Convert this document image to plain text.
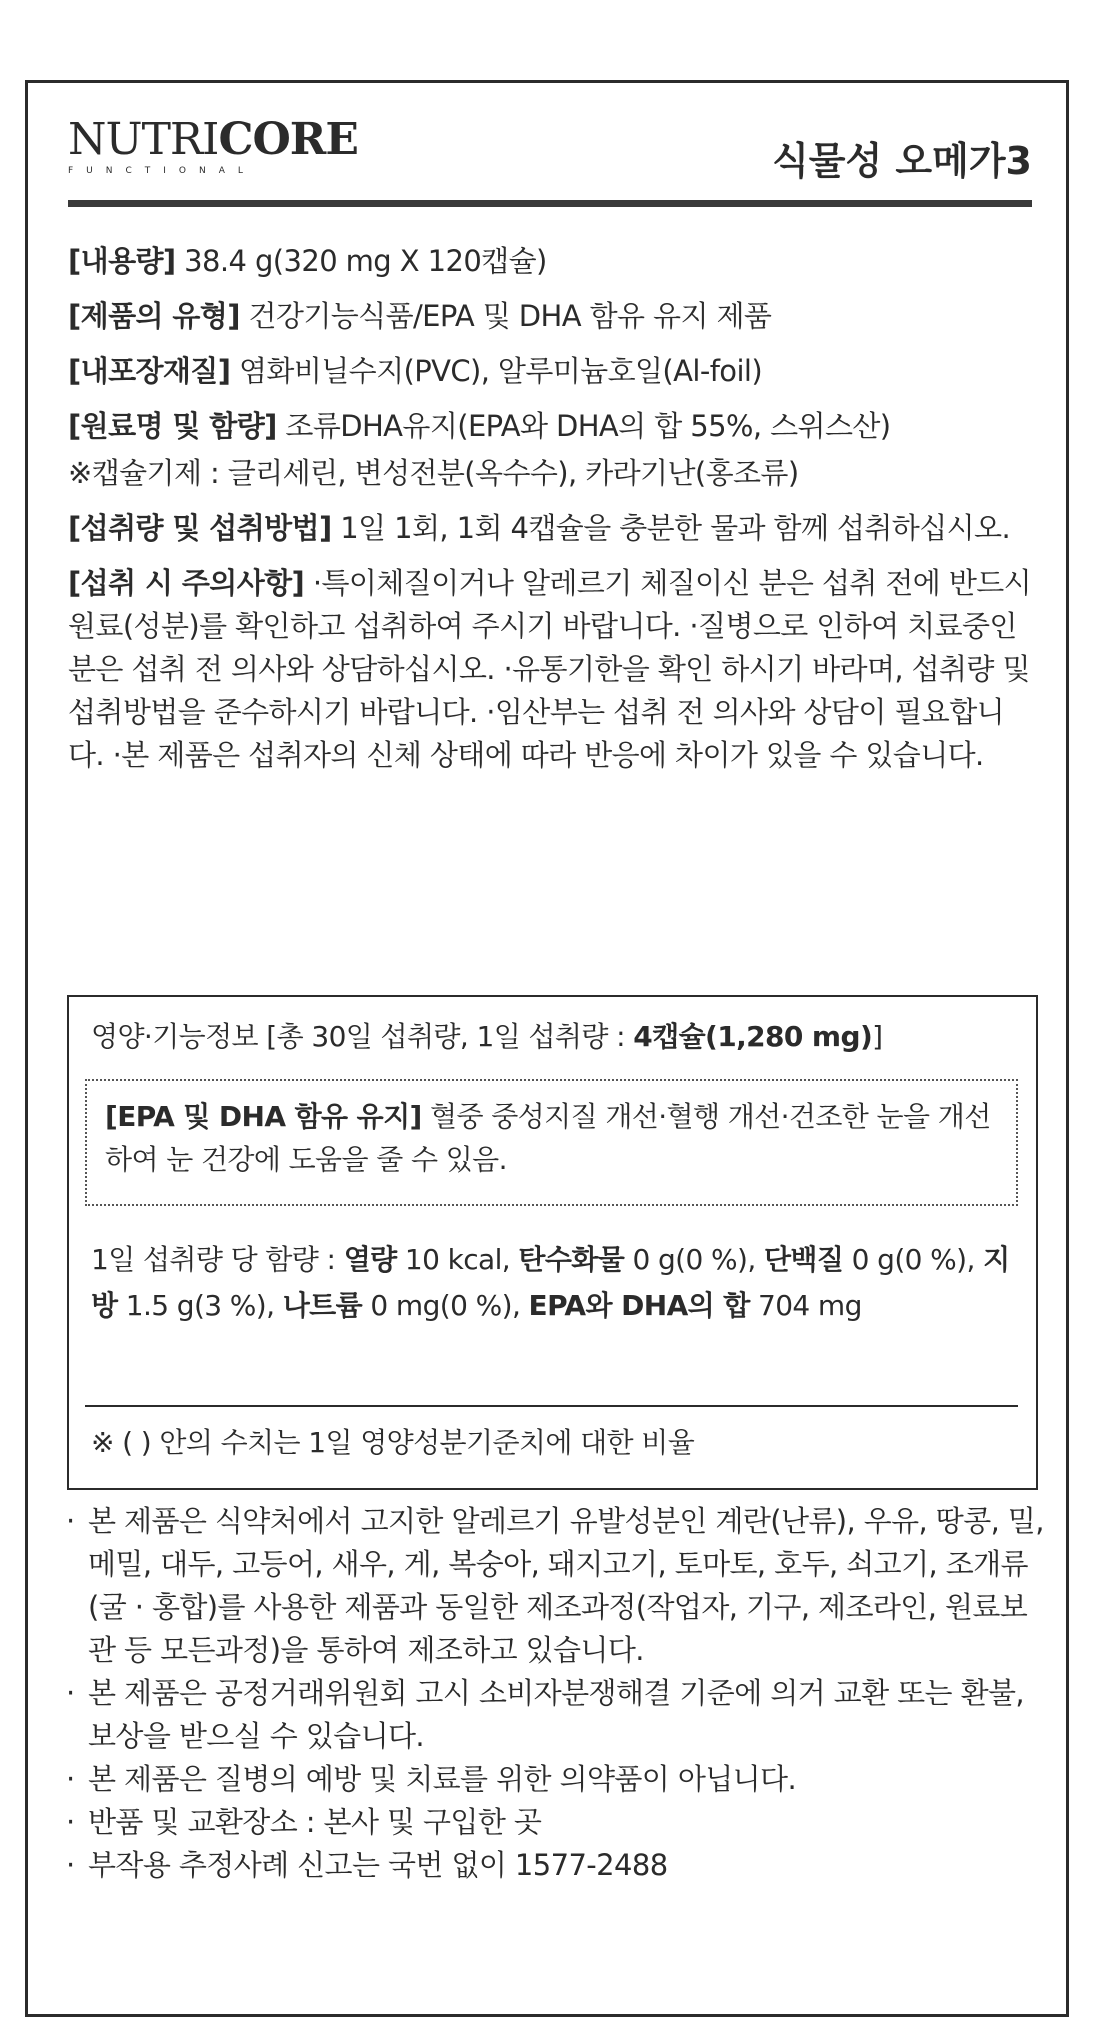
NUTRICORE
FUNCTIONAL	식물성 오메가3

[내용량] 38.4 g(320 mg X 120캡슐)

[제품의 유형] 건강기능식품/EPA 및 DHA 함유 유지 제품

[내포장재질] 염화비닐수지(PVC), 알루미늄호일(Al-foil)

[원료명 및 함량] 조류DHA유지(EPA와 DHA의 합 55%, 스위스산)

※캡슐기제 : 글리세린, 변성전분(옥수수), 카라기난(홍조류)

[섭취량 및 섭취방법] 1일 1회, 1회 4캡슐을 충분한 물과 함께 섭취하십시오.

[섭취 시 주의사항] ·특이체질이거나 알레르기 체질이신 분은 섭취 전에 반드시 원료(성분)를 확인하고 섭취하여 주시기 바랍니다. ·질병으로 인하여 치료중인 분은 섭취 전 의사와 상담하십시오. ·유통기한을 확인 하시기 바라며, 섭취량 및 섭취방법을 준수하시기 바랍니다. ·임산부는 섭취 전 의사와 상담이 필요합니다. ·본 제품은 섭취자의 신체 상태에 따라 반응에 차이가 있을 수 있습니다.

영양·기능정보 [총 30일 섭취량, 1일 섭취량 : 4캡슐(1,280 mg)]
[EPA 및 DHA 함유 유지] 혈중 중성지질 개선·혈행 개선·건조한 눈을 개선하여 눈 건강에 도움을 줄 수 있음.
1일 섭취량 당 함량 : 열량 10 kcal, 탄수화물 0 g(0 %), 단백질 0 g(0 %), 지방 1.5 g(3 %), 나트륨 0 mg(0 %), EPA와 DHA의 합 704 mg
※ ( ) 안의 수치는 1일 영양성분기준치에 대한 비율
· 본 제품은 식약처에서 고지한 알레르기 유발성분인 계란(난류), 우유, 땅콩, 밀, 메밀, 대두, 고등어, 새우, 게, 복숭아, 돼지고기, 토마토, 호두, 쇠고기, 조개류(굴 · 홍합)를 사용한 제품과 동일한 제조과정(작업자, 기구, 제조라인, 원료보관 등 모든과정)을 통하여 제조하고 있습니다.
· 본 제품은 공정거래위원회 고시 소비자분쟁해결 기준에 의거 교환 또는 환불, 보상을 받으실 수 있습니다.
· 본 제품은 질병의 예방 및 치료를 위한 의약품이 아닙니다.
· 반품 및 교환장소 : 본사 및 구입한 곳
· 부작용 추정사례 신고는 국번 없이 1577-2488
